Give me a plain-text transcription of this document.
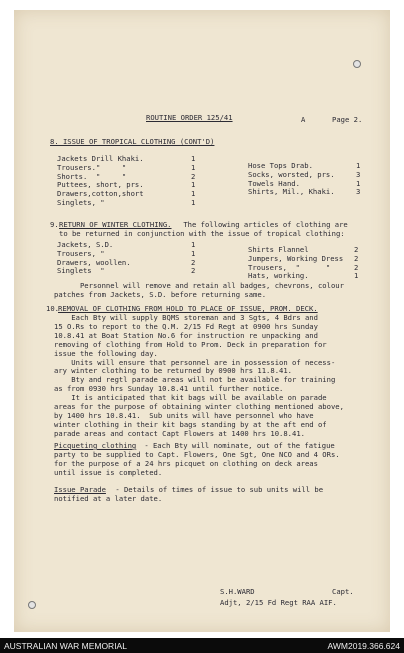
ROUTINE ORDER 125/41	A	Page 2.
8. ISSUE OF TROPICAL CLOTHING (CONT'D)
Jackets Drill Khaki.	1
Trousers."     "	1
Shorts.  "     "	2
Puttees, short, prs.	1
Drawers,cotton,short	1
Singlets, "	1
Hose Tops Drab.	1
Socks, worsted, prs.	3
Towels Hand.	1
Shirts, Mil., Khaki.	3
9. RETURN OF WINTER CLOTHING. The following articles of clothing are
to be returned in conjunction with the issue of tropical clothing:
Jackets, S.D.	1
Trousers, "	1
Drawers, woollen.	2
Singlets  "	2
Shirts Flannel	2
Jumpers, Working Dress 2
Trousers,  "      "	2
Hats, working.	1
Personnel will remove and retain all badges, chevrons, colour
patches from Jackets, S.D. before returning same.
10. REMOVAL OF CLOTHING FROM HOLD TO PLACE OF ISSUE, PROM. DECK.
Each Bty will supply BQMS storeman and 3 Sgts, 4 Bdrs and
15 O.Rs to report to the Q.M. 2/15 Fd Regt at 0900 hrs Sunday
10.8.41 at Boat Station No.6 for instruction re unpacking and
removing of clothing from Hold to Prom. Deck in preparation for
issue the following day.
Units will ensure that personnel are in possession of necess-
ary winter clothing to be returned by 0900 hrs 11.8.41.
Bty and regtl parade areas will not be available for training
as from 0930 hrs Sunday 10.8.41 until further notice.
It is anticipated that kit bags will be available on parade
areas for the purpose of obtaining winter clothing mentioned above,
by 1400 hrs 10.8.41.  Sub units will have personnel who have
winter clothing in their kit bags standing by at the aft end of
parade areas and contact Capt Flowers at 1400 hrs 10.8.41.
Picqueting clothing - Each Bty will nominate, out of the fatigue
party to be supplied to Capt. Flowers, One Sgt, One NCO and 4 ORs.
for the purpose of a 24 hrs picquet on clothing on deck areas
until issue is completed.
Issue Parade - Details of times of issue to sub units will be
notified at a later date.
S.H.WARD	Capt.
Adjt, 2/15 Fd Regt RAA AIF.
AUSTRALIAN WAR MEMORIAL	AWM2019.366.624
